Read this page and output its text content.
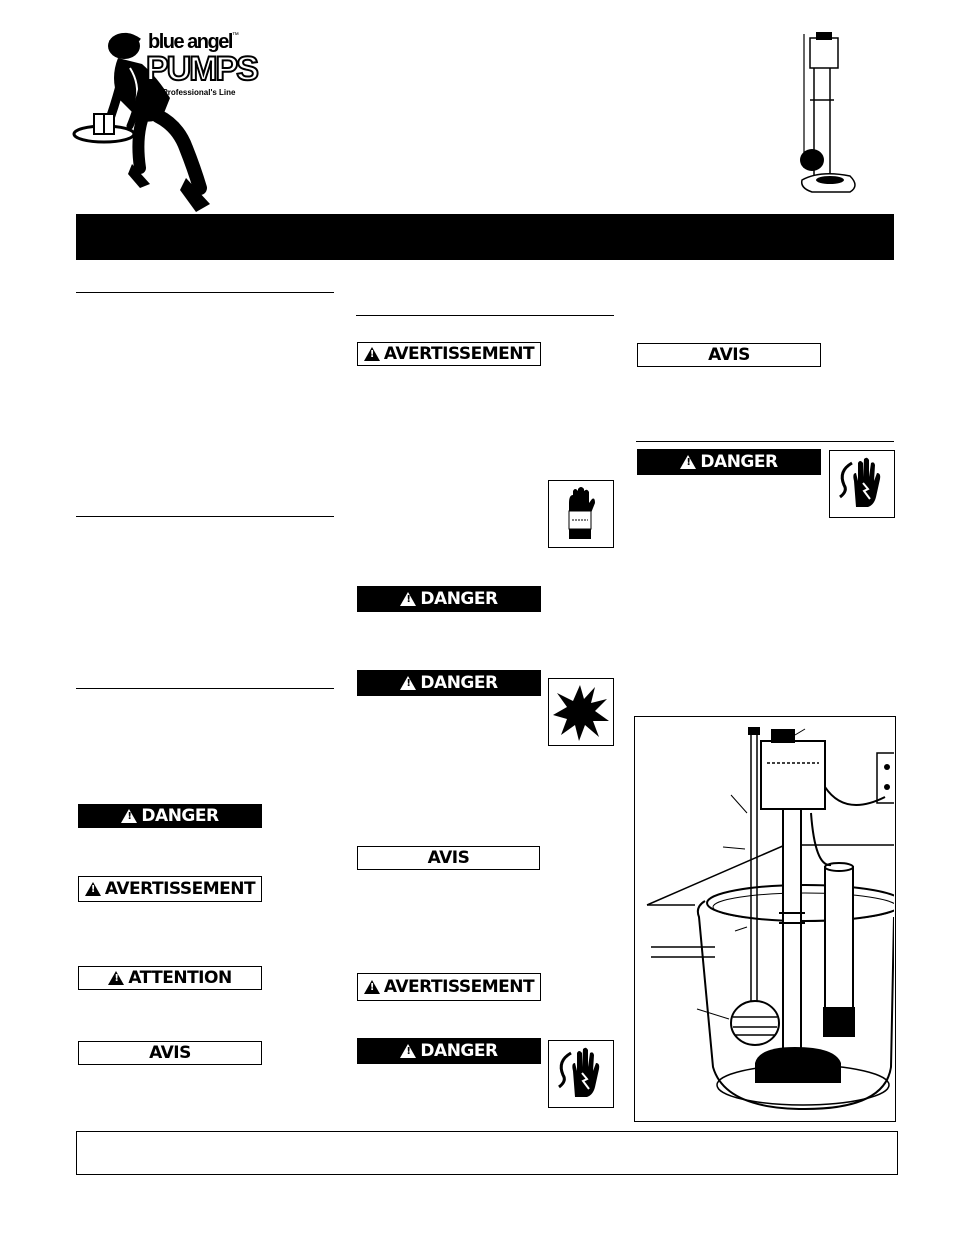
blue angel™
PUMPS
The Professional's Line
! DANGER
! AVERTISSEMENT
! ATTENTION
AVIS
! AVERTISSEMENT
! DANGER
! DANGER
AVIS
! AVERTISSEMENT
! DANGER
AVIS
! DANGER
